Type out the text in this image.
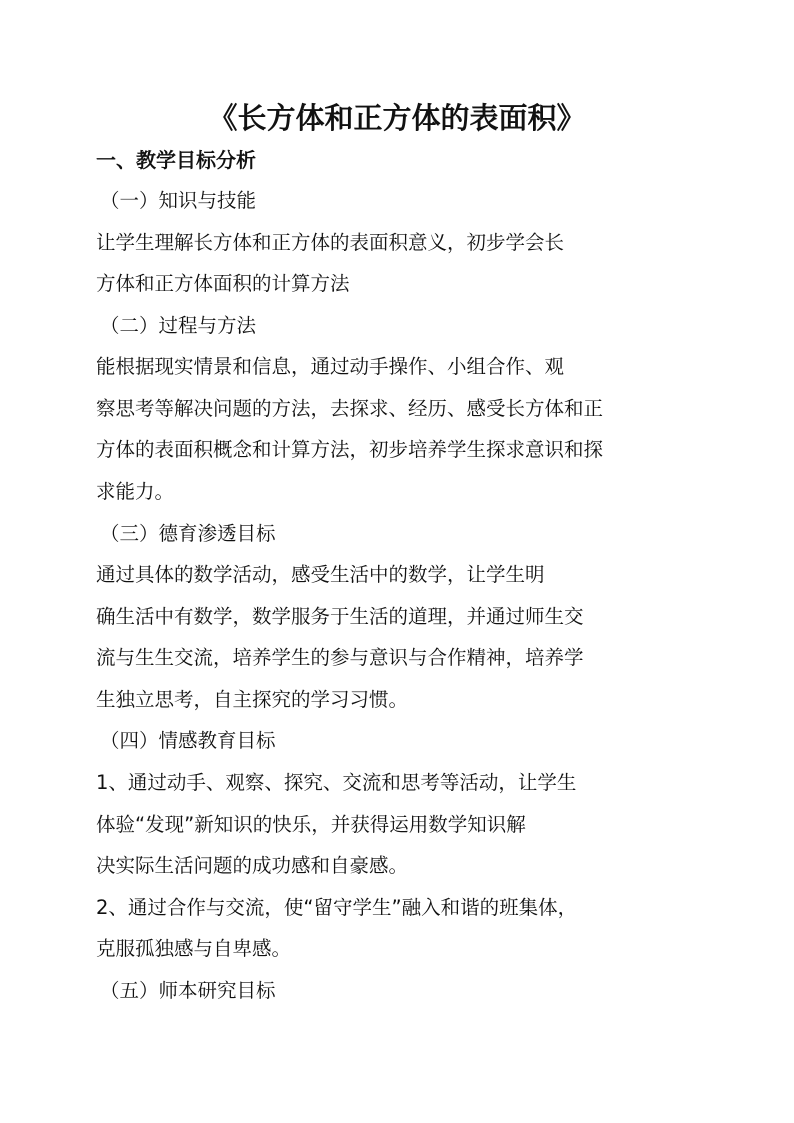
《长方体和正方体的表面积》
一、教学目标分析
（一）知识与技能
让学生理解长方体和正方体的表面积意义，初步学会长
方体和正方体面积的计算方法
（二）过程与方法
能根据现实情景和信息，通过动手操作、小组合作、观
察思考等解决问题的方法，去探求、经历、感受长方体和正
方体的表面积概念和计算方法，初步培养学生探求意识和探
求能力。
（三）德育渗透目标
通过具体的数学活动，感受生活中的数学，让学生明
确生活中有数学，数学服务于生活的道理，并通过师生交
流与生生交流，培养学生的参与意识与合作精神，培养学
生独立思考，自主探究的学习习惯。
（四）情感教育目标
1、通过动手、观察、探究、交流和思考等活动，让学生
体验“发现”新知识的快乐，并获得运用数学知识解
决实际生活问题的成功感和自豪感。
2、通过合作与交流，使“留守学生”融入和谐的班集体，
克服孤独感与自卑感。
（五）师本研究目标
